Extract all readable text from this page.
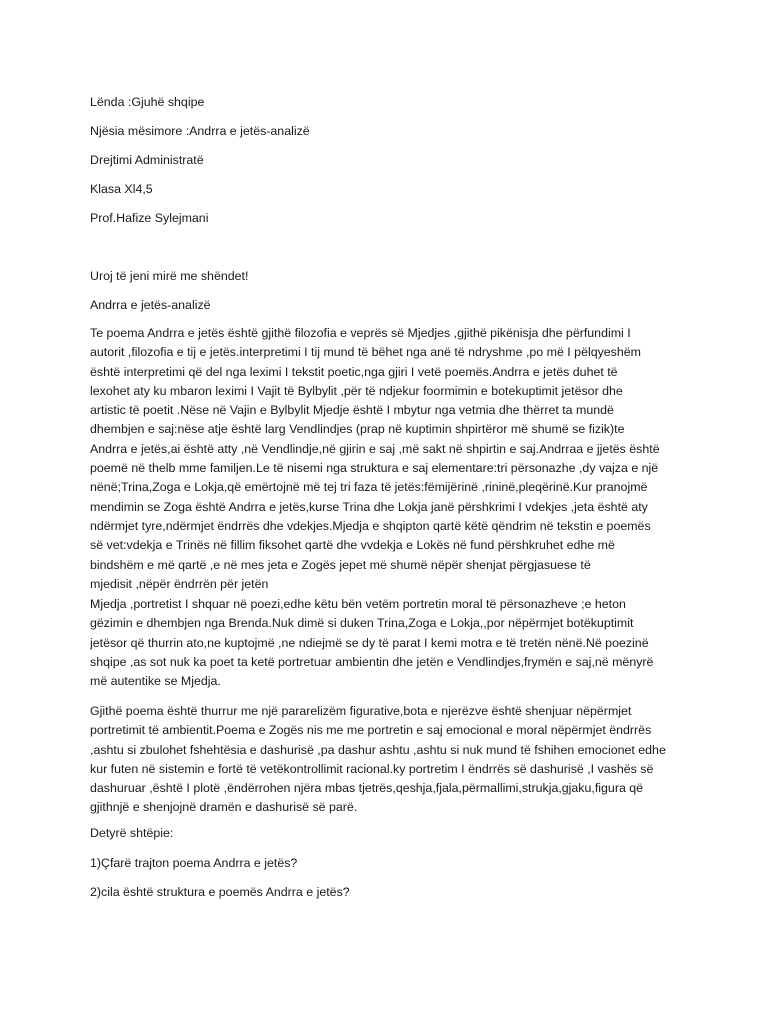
Lënda :Gjuhë shqipe
Njësia mësimore :Andrra e jetës-analizë
Drejtimi Administratë
Klasa Xl4,5
Prof.Hafize Sylejmani
Uroj të jeni mirë me shëndet!
Andrra e jetës-analizë
Te poema Andrra e jetës është gjithë filozofia e veprës së Mjedjes ,gjithë pikënisja dhe përfundimi I
autorit ,filozofia e tij e jetës.interpretimi I tij mund të bëhet nga anë të ndryshme ,po më I pëlqyeshëm
është interpretimi që del nga leximi I tekstit poetic,nga gjiri I vetë poemës.Andrra e jetës duhet të
lexohet aty ku mbaron leximi I Vajit të Bylbylit ,për të ndjekur foormimin e botekuptimit jetësor dhe
artistic të poetit .Nëse në Vajin e Bylbylit Mjedje është I mbytur nga vetmia dhe thërret ta mundë
dhembjen e saj:nëse atje është larg Vendlindjes (prap në kuptimin shpirtëror më shumë se fizik)te
Andrra e jetës,ai është atty ,në Vendlindje,në gjirin e saj ,më sakt në shpirtin e saj.Andrraa e jjetës është
poemë në thelb mme familjen.Le të nisemi nga struktura e saj elementare:tri përsonazhe ,dy vajza e një
nënë;Trina,Zoga e Lokja,që emërtojnë më tej tri faza të jetës:fëmijërinë ,rininë,pleqërinë.Kur pranojmë
mendimin se Zoga është Andrra e jetës,kurse Trina dhe Lokja janë përshkrimi I vdekjes ,jeta është aty
ndërmjet tyre,ndërmjet ëndrrës dhe vdekjes.Mjedja e shqipton qartë këtë qëndrim në tekstin e poemës
së vet:vdekja e Trinës në fillim fiksohet qartë dhe vvdekja e Lokës në fund përshkruhet edhe më
bindshëm e më qartë ,e në mes jeta e Zogës jepet më shumë nëpër shenjat përgjasuese të
mjedisit ,nëpër ëndrrën për jetën
Mjedja ,portretist I shquar në poezi,edhe këtu bën vetëm portretin moral të përsonazheve ;e heton
gëzimin e dhembjen nga Brenda.Nuk dimë si duken Trina,Zoga e Lokja,,por nëpërmjet botëkuptimit
jetësor që thurrin ato,ne kuptojmë ,ne ndiejmë se dy të parat I kemi motra e të tretën nënë.Në poezinë
shqipe ,as sot nuk ka poet ta ketë portretuar ambientin dhe jetën e Vendlindjes,frymën e saj,në mënyrë
më autentike se Mjedja.
Gjithë poema është thurrur me një pararelizëm figurative,bota e njerëzve është shenjuar nëpërmjet
portretimit të ambientit.Poema e Zogës nis me me portretin e saj emocional e moral nëpërmjet ëndrrës
,ashtu si zbulohet fshehtësia e dashurisë ,pa dashur ashtu ,ashtu si nuk mund të fshihen emocionet edhe
kur futen në sistemin e fortë të vetëkontrollimit racional.ky portretim I ëndrrës së dashurisë ,I vashës së
dashuruar ,është I plotë ,ëndërrohen njëra mbas tjetrës,qeshja,fjala,përmallimi,strukja,gjaku,figura që
gjithnjë e shenjojnë dramën e dashurisë së parë.
Detyrë shtëpie:
1)Çfarë trajton poema Andrra e jetës?
2)cila është struktura e poemës Andrra e jetës?
